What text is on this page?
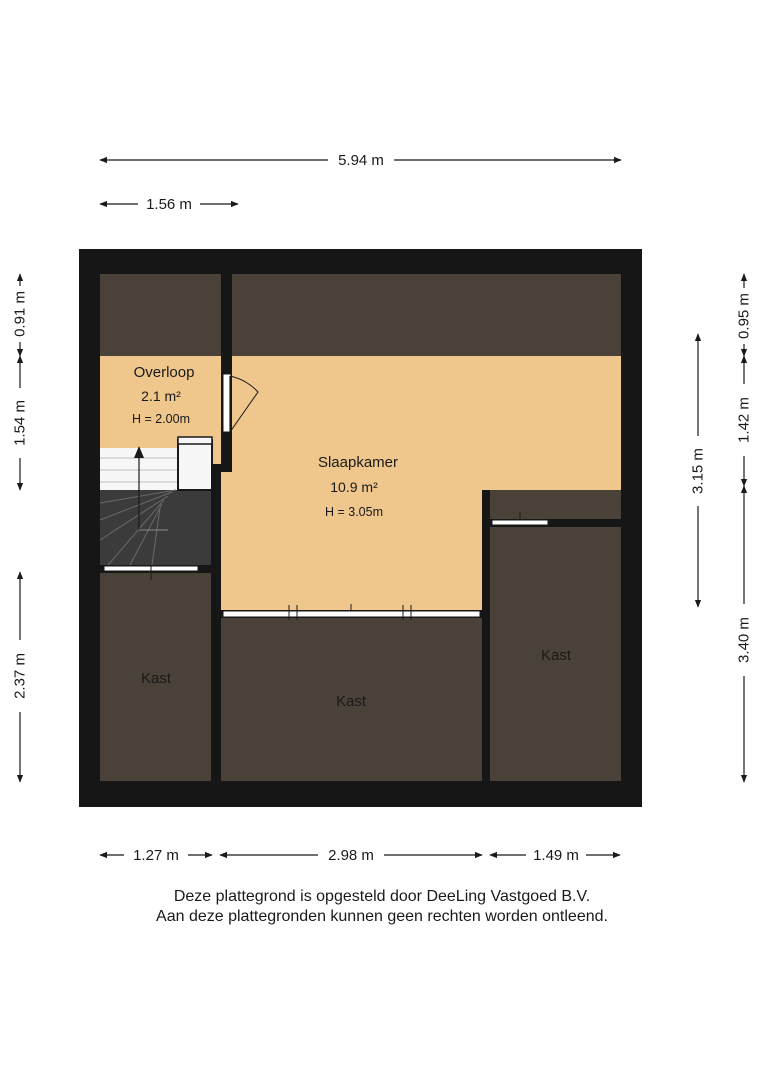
5.94 m
1.56 m
0.91 m
1.54 m
2.37 m
3.15 m
0.95 m
1.42 m
3.40 m
1.27 m	2.98 m	1.49 m
Overloop
2.1 m²
H = 2.00m
Slaapkamer
10.9 m²
H = 3.05m
Kast
Kast
Kast
Deze plattegrond is opgesteld door DeeLing Vastgoed B.V.
Aan deze plattegronden kunnen geen rechten worden ontleend.
